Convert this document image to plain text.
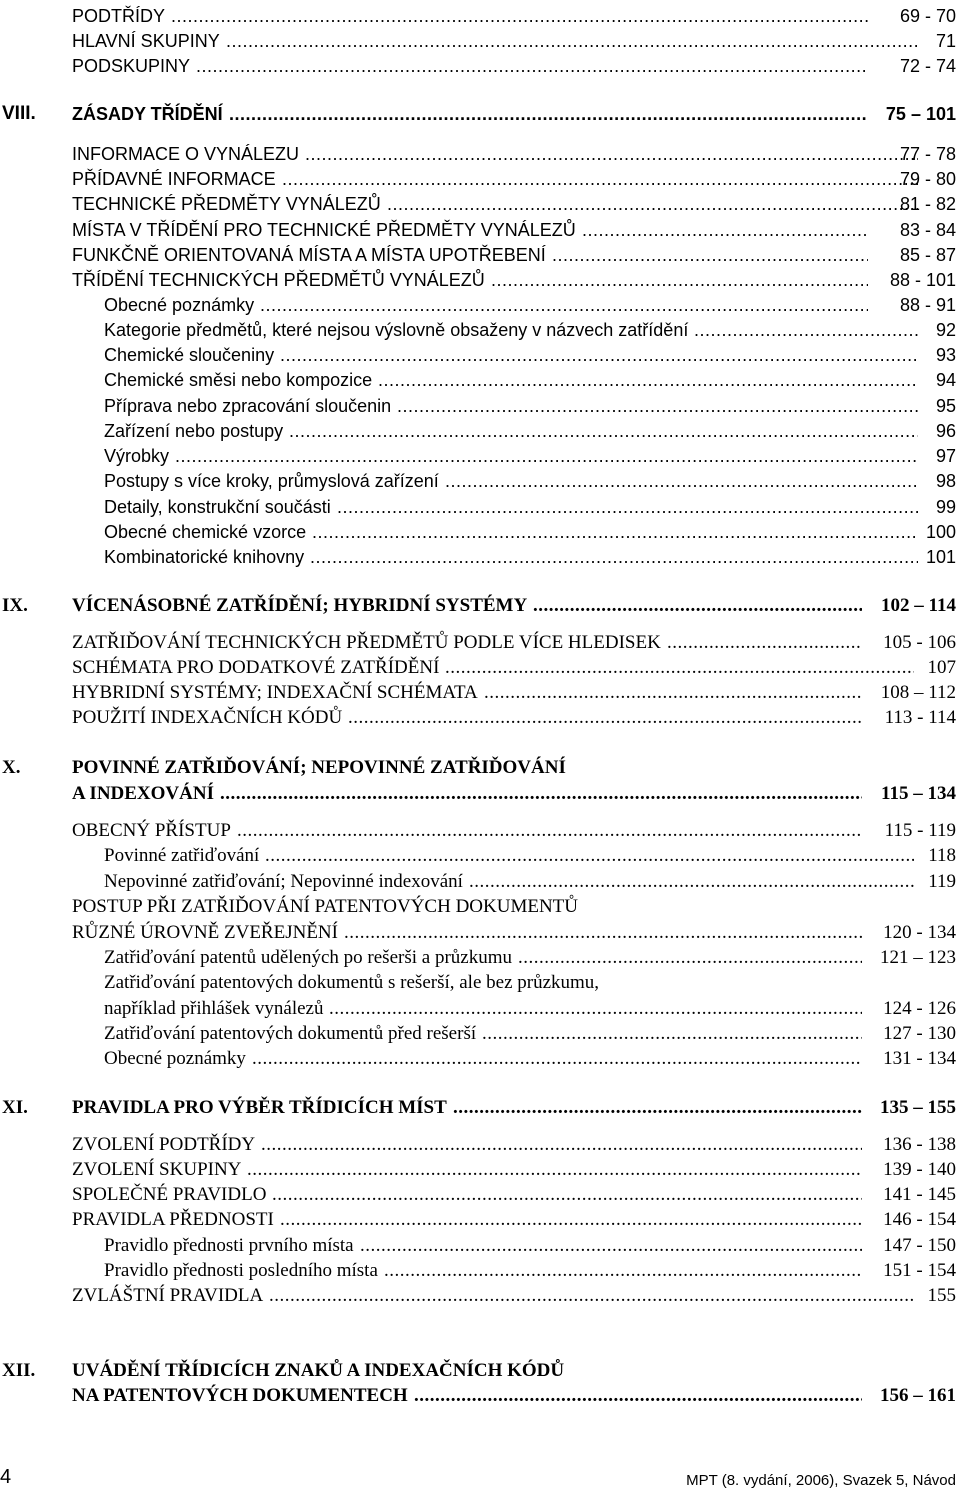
PODTŘÍDY .....	69 - 70
HLAVNÍ SKUPINY .....	71
PODSKUPINY .....	72 - 74
VIII. ZÁSADY TŘÍDĚNÍ .....	75 – 101
INFORMACE O VYNÁLEZU .....	77 - 78
PŘÍDAVNÉ INFORMACE .....	79 - 80
TECHNICKÉ PŘEDMĚTY VYNÁLEZŮ .....	81 - 82
MÍSTA V TŘÍDĚNÍ PRO TECHNICKÉ PŘEDMĚTY VYNÁLEZŮ .....	83 - 84
FUNKČNĚ ORIENTOVANÁ MÍSTA A MÍSTA UPOTŘEBENÍ .....	85 - 87
TŘÍDĚNÍ TECHNICKÝCH PŘEDMĚTŮ VYNÁLEZŮ .....	88 - 101
Obecné poznámky .....	88 - 91
Kategorie předmětů, které nejsou výslovně obsaženy v názvech zatřídění .....	92
Chemické sloučeniny .....	93
Chemické směsi nebo kompozice .....	94
Příprava nebo zpracování sloučenin .....	95
Zařízení nebo postupy .....	96
Výrobky .....	97
Postupy s více kroky, průmyslová zařízení .....	98
Detaily, konstrukční součásti .....	99
Obecné chemické vzorce .....	100
Kombinatorické knihovny .....	101
IX. VÍCENÁSOBNÉ ZATŘÍDĚNÍ; HYBRIDNÍ SYSTÉMY .....	102 – 114
ZATŘIĎOVÁNÍ TECHNICKÝCH PŘEDMĚTŮ PODLE VÍCE HLEDISEK .....	105 - 106
SCHÉMATA PRO DODATKOVÉ ZATŘÍDĚNÍ .....	107
HYBRIDNÍ SYSTÉMY; INDEXAČNÍ SCHÉMATA .....	108 – 112
POUŽITÍ INDEXAČNÍCH KÓDŮ .....	113 - 114
X.	POVINNÉ ZATŘIĎOVÁNÍ; NEPOVINNÉ ZATŘIĎOVÁNÍ
A INDEXOVÁNÍ .....	115 – 134
OBECNÝ PŘÍSTUP .....	115 - 119
Povinné zatřiďování .....	118
Nepovinné zatřiďování; Nepovinné indexování .....	119
POSTUP PŘI ZATŘIĎOVÁNÍ PATENTOVÝCH DOKUMENTŮ
RŮZNÉ ÚROVNĚ ZVEŘEJNĚNÍ .....	120 - 134
Zatřiďování patentů udělených po rešerši a průzkumu .....	121 – 123
Zatřiďování patentových dokumentů s rešerší, ale bez průzkumu,
například přihlášek vynálezů .....	124 - 126
Zatřiďování patentových dokumentů před rešerší .....	127 - 130
Obecné poznámky .....	131 - 134
XI. PRAVIDLA PRO VÝBĚR TŘÍDICÍCH MÍST .....	135 – 155
ZVOLENÍ PODTŘÍDY .....	136 - 138
ZVOLENÍ SKUPINY .....	139 - 140
SPOLEČNÉ PRAVIDLO .....	141 - 145
PRAVIDLA PŘEDNOSTI .....	146 - 154
Pravidlo přednosti prvního místa .....	147 - 150
Pravidlo přednosti posledního místa .....	151 - 154
ZVLÁŠTNÍ PRAVIDLA .....	155
XII. UVÁDĚNÍ TŘÍDICÍCH ZNAKŮ A INDEXAČNÍCH KÓDŮ
NA PATENTOVÝCH DOKUMENTECH .....	156 – 161
4	MPT (8. vydání, 2006), Svazek 5, Návod
